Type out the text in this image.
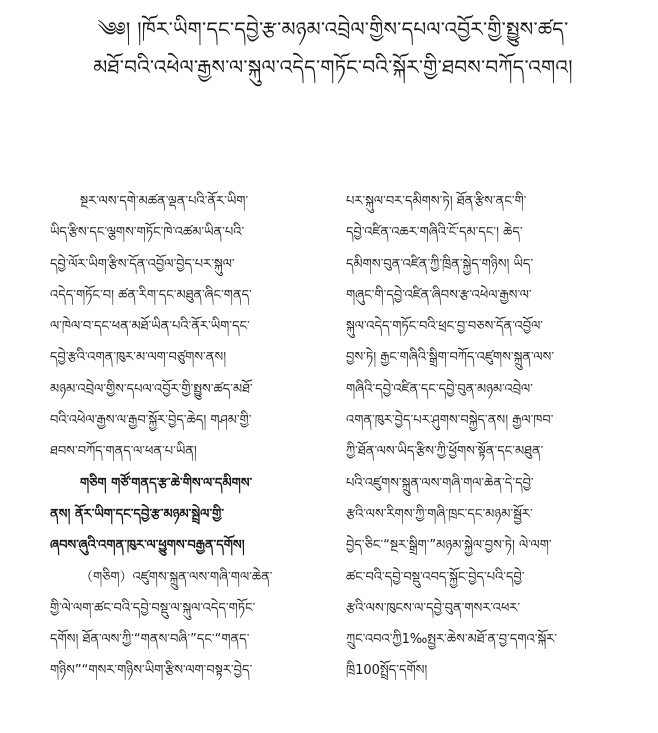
༄༅། །ཁོར་ཡིག་དང་དབྱེ་རྩ་མཉམ་འབྲེལ་གྱིས་དཔལ་འབྱོར་གྱི་སྤྱུས་ཚད་
མཐོ་བའི་འཕེལ་རྒྱས་ལ་སྐུལ་འདེད་གཏོང་བའི་སྐོར་གྱི་ཐབས་བཀོད་འགའ།
སྔར་ལས་དགེ་མཚན་ལྡན་པའི་ནོར་ཡིག་
ཡིད་རྩིས་དང་ལྕགས་གཏོང་ཁེ་འཚམ་ཡིན་པའི་
དབྱེ་ལོར་ཡིག་རྩིས་དོན་འབྱོལ་བྱེད་པར་སྐུལ་
འདེད་གཏོང་བ། ཚན་རིག་དང་མཐུན་ཞིང་གནད་
ལ་ཁེལ་བ་དང་ཕན་མཐོ་ཡིན་པའི་ནོར་ཡིག་དང་
དབྱེ་རྩའི་འགན་ཁུར་མ་ལག་བཙུགས་ནས།
མཉམ་འབྲེལ་གྱིས་དཔལ་འབྱོར་གྱི་སྤྱུས་ཚད་མཐོ་
བའི་འཕེལ་རྒྱས་ལ་རྒྱབ་སྐྱོར་བྱེད་ཆེད། གཤམ་གྱི་
ཐབས་བཀོད་གནད་ལ་ཕན་པ་ཡིན།
གཅིག གཙོ་གནད་རྩ་ཆེ་གིས་ལ་དམིགས་
ནས། ནོར་ཡིག་དང་དབྱེ་རྩ་མཉམ་སྦྲེལ་གྱི་
ཞབས་ཞུའི་འགན་ཁུར་ལ་ཕྱུགས་བརྒྱན་དགོས།
（གཅིག）འཛུགས་སྐྲུན་ལས་གཞི་གལ་ཆེན་
གྱི་ལེ་ལག་ཚང་བའི་དབྱེ་བསྡུ་ལ་སྐུལ་འདེད་གཏོང་
དགོས། ཐོན་ལས་ཀྱི་“གནས་བཞི་”དང་“གནད་
གཉིས”“གསར་གཉིས་ཡིག་རྩིས་ལག་བསྟར་བྱེད་
པར་སྐུལ་བར་དམིགས་ཏེ། ཐོན་རྩིས་ནང་གི་
དབྱེ་འཛིན་འཆར་གཞིའི་ངོ་དམ་དང་། ཆེད་
དམིགས་བུན་འཛིན་ཀྱི་ཁྲིན་སྐྱེད་གཉིས། ཡིད་
གཞུང་གི་དབྱེ་འཛིན་ཞིབས་རྩ་འཕེལ་རྒྱས་ལ་
སྐུལ་འདེད་གཏོང་བའི་ཕྲང་བྱ་བཅས་དོན་འབྱོལ་
བྱས་ཏེ། རྒྱང་གཞིའི་སྒྲིག་བཀོད་འཛུགས་སྐྲུན་ལས་
གཞིའི་དབྱེ་འཛིན་དང་དབྱེ་བུན་མཉམ་འབྲེལ་
འགན་ཁུར་བྱེད་པར་ཤུགས་བསྐྱེད་ནས། རྒྱལ་ཁབ་
ཀྱི་ཐོན་ལས་ཡིད་རྩིས་ཀྱི་ཕྱོགས་སྟོན་དང་མཐུན་
པའི་འཛུགས་སྐྲུན་ལས་གཞི་གལ་ཆེན་དེ་དབྱེ་
རྩའི་ལས་རིགས་ཀྱི་གཞི་ཁྲང་དང་མཉམ་སྦྱོར་
བྱེད་ཅིང་“སྔར་སྒྲིག་”མཉམ་སྐྱེལ་བྱས་ཏེ། ལེ་ལག་
ཚང་བའི་དབྱེ་བསྡུ་འབད་སྐྱོང་བྱེད་པའི་དབྱེ་
རྩའི་ལས་ཁུངས་ལ་དབྱེ་བུན་གསར་འཕར་
ཀྲུང་འབའ་ཀྱི1‰སྤྱར་ཆེས་མཐོ་ན་བྱ་དགའ་སྐོར་
ཁྲི100སྤྲོད་དགོས།
